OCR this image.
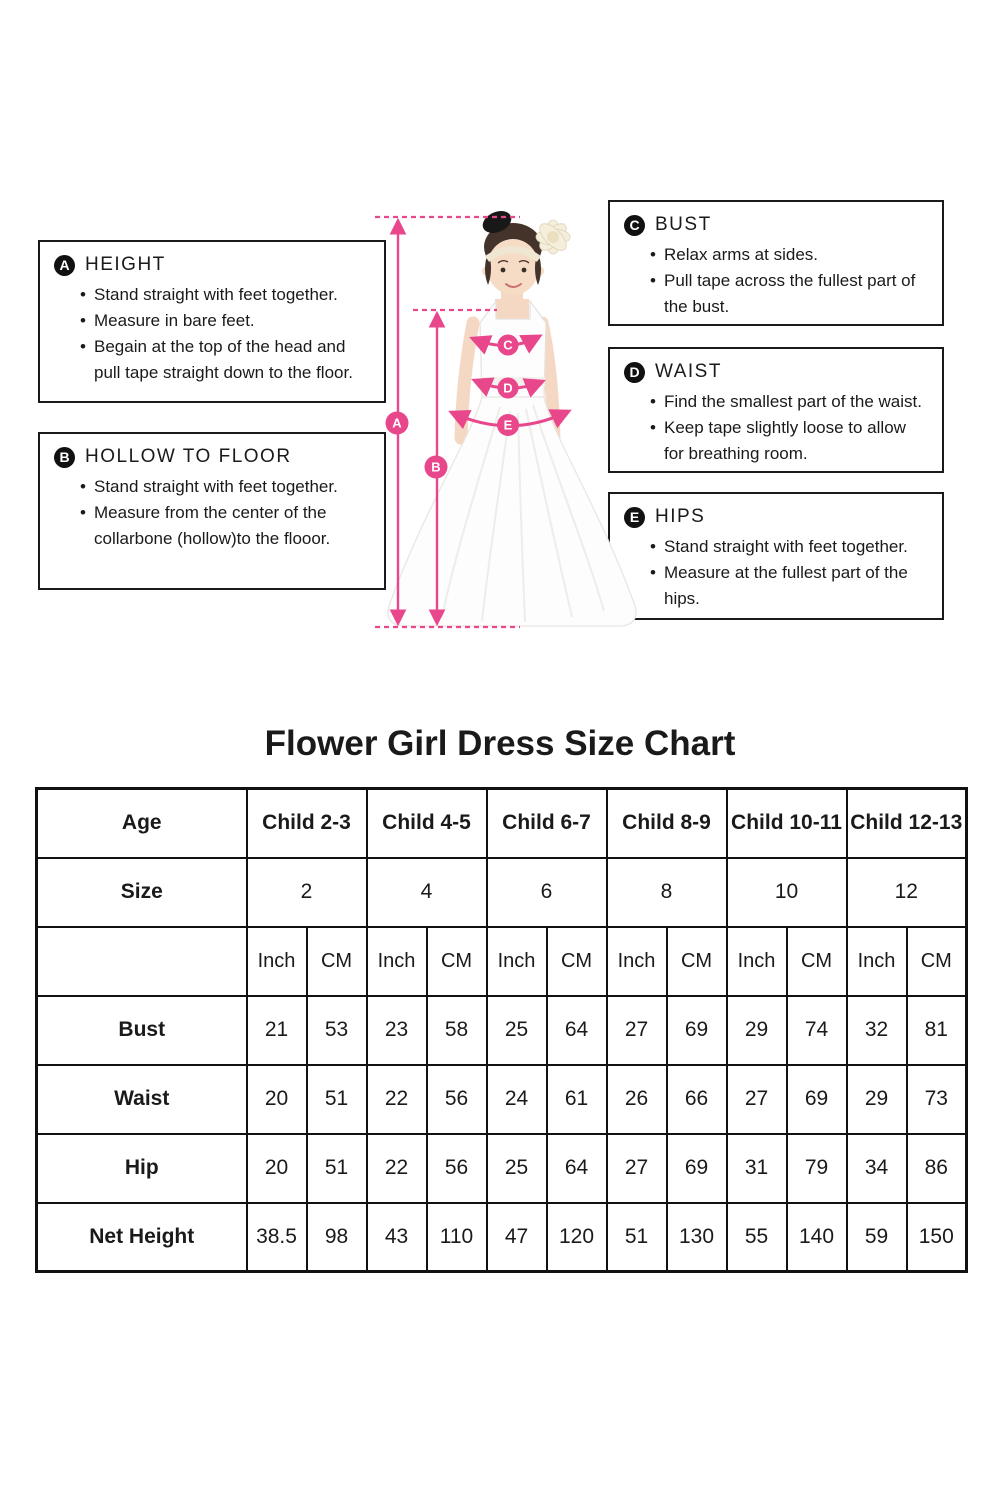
A HEIGHT
• Stand straight with feet together.
• Measure in bare feet.
• Begain at the top of the head and pull tape straight down to the floor.
B HOLLOW TO FLOOR
• Stand straight with feet together.
• Measure from the center of the collarbone (hollow)to the flooor.
C BUST
• Relax arms at sides.
• Pull tape across the fullest part of the bust.
D WAIST
• Find the smallest part of the waist.
• Keep tape slightly loose to allow for breathing room.
E HIPS
• Stand straight with feet together.
• Measure at the fullest part of the hips.
A
B
C
D
E
Flower Girl Dress Size Chart
Age	Child 2-3		Child 4-5		Child 6-7		Child 8-9		Child 10-11		Child 12-13	
Size	2		4		6		8		10		12	
	Inch	CM	Inch	CM	Inch	CM	Inch	CM	Inch	CM	Inch	CM
Bust	21	53	23	58	25	64	27	69	29	74	32	81
Waist	20	51	22	56	24	61	26	66	27	69	29	73
Hip	20	51	22	56	25	64	27	69	31	79	34	86
Net Height	38.5	98	43	110	47	120	51	130	55	140	59	150
